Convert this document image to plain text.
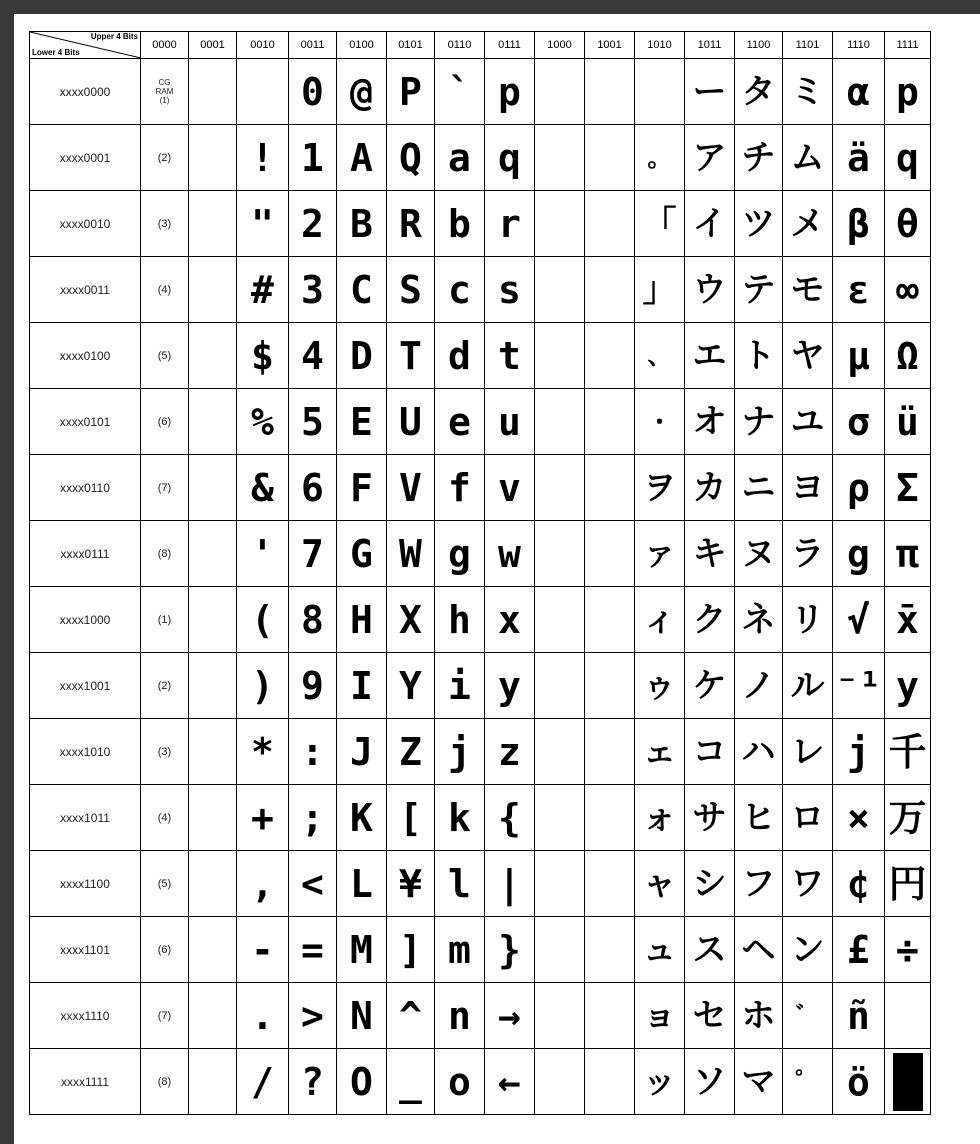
Upper 4 Bits
Lower 4 Bits	0000	0001	0010	0011	0100	0101	0110	0111	1000	1001	1010	1011	1100	1101	1110	1111
xxxx0000	CG
RAM
(1)			0	@	P	`	p				ー	タ	ミ	α	p
xxxx0001	(2)		!	1	A	Q	a	q			。	ア	チ	ム	ä	q
xxxx0010	(3)		"	2	B	R	b	r			「	イ	ツ	メ	β	θ
xxxx0011	(4)		#	3	C	S	c	s			」	ウ	テ	モ	ε	∞
xxxx0100	(5)		$	4	D	T	d	t			、	エ	ト	ヤ	μ	Ω
xxxx0101	(6)		%	5	E	U	e	u			・	オ	ナ	ユ	σ	ü
xxxx0110	(7)		&	6	F	V	f	v			ヲ	カ	ニ	ヨ	ρ	Σ
xxxx0111	(8)		'	7	G	W	g	w			ァ	キ	ヌ	ラ	g	π
xxxx1000	(1)		(	8	H	X	h	x			ィ	ク	ネ	リ	√	x̄
xxxx1001	(2)		)	9	I	Y	i	y			ゥ	ケ	ノ	ル	⁻¹	y
xxxx1010	(3)		*	:	J	Z	j	z			ェ	コ	ハ	レ	j	千
xxxx1011	(4)		+	;	K	[	k	{			ォ	サ	ヒ	ロ	×	万
xxxx1100	(5)		,	<	L	¥	l	|			ャ	シ	フ	ワ	¢	円
xxxx1101	(6)		-	=	M	]	m	}			ュ	ス	ヘ	ン	£	÷
xxxx1110	(7)		.	>	N	^	n	→			ョ	セ	ホ	゛	ñ	
xxxx1111	(8)		/	?	O	_	o	←			ッ	ソ	マ	゜	ö	
